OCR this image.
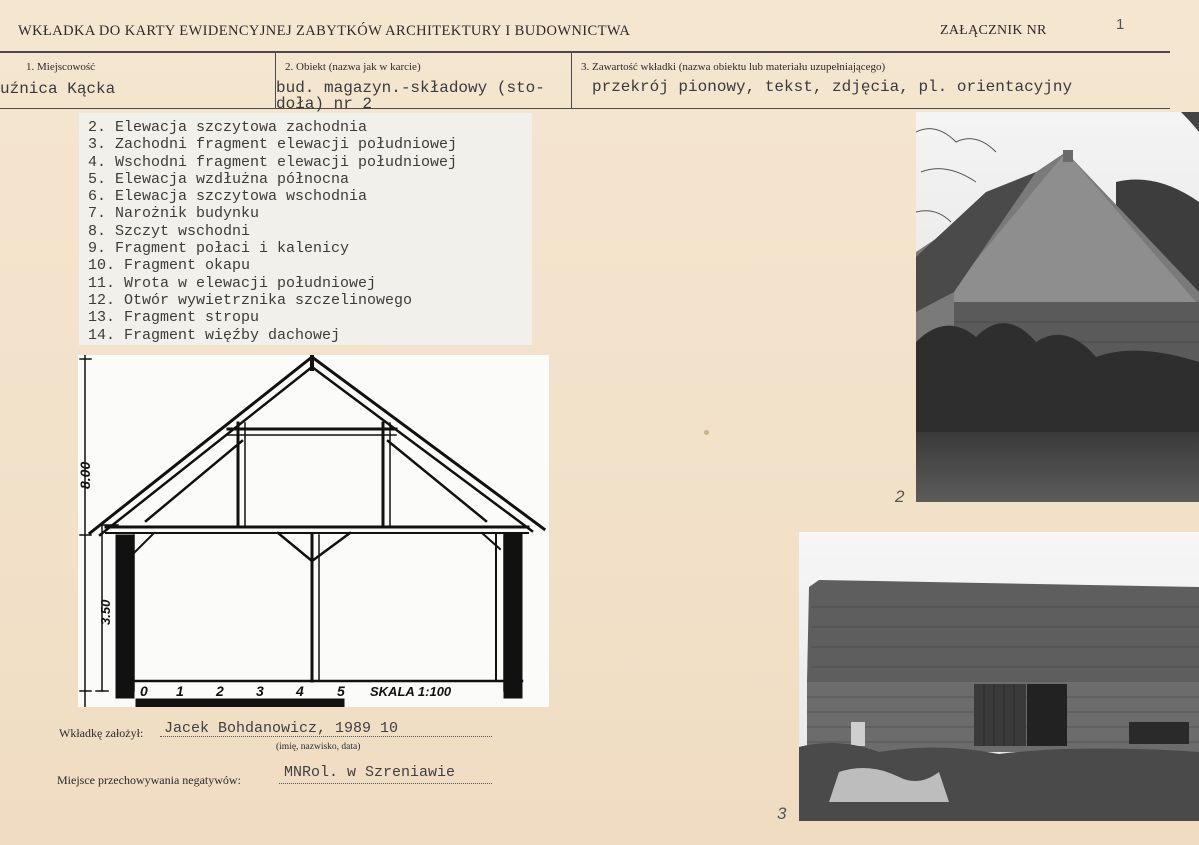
WKŁADKA DO KARTY EWIDENCYJNEJ ZABYTKÓW ARCHITEKTURY I BUDOWNICTWA	ZAŁĄCZNIK NR	1
1. Miejscowość
uźnica Kącka
2. Obiekt (nazwa jak w karcie)
bud. magazyn.-składowy (sto-
doła) nr 2
3. Zawartość wkładki (nazwa obiektu lub materiału uzupełniającego)
przekrój pionowy, tekst, zdjęcia, pl. orientacyjny
2. Elewacja szczytowa zachodnia
3. Zachodni fragment elewacji południowej
4. Wschodni fragment elewacji południowej
5. Elewacja wzdłużna północna
6. Elewacja szczytowa wschodnia
7. Narożnik budynku
8. Szczyt wschodni
9. Fragment połaci i kalenicy
10. Fragment okapu
11. Wrota w elewacji południowej
12. Otwór wywietrznika szczelinowego
13. Fragment stropu
14. Fragment więźby dachowej
8.00
3.50
0 1 2 3 4 5 SKALA 1:100
2
3
Wkładkę założył: Jacek Bohdanowicz, 1989 10
(imię, nazwisko, data)
Miejsce przechowywania negatywów:	MNRol. w Szreniawie
